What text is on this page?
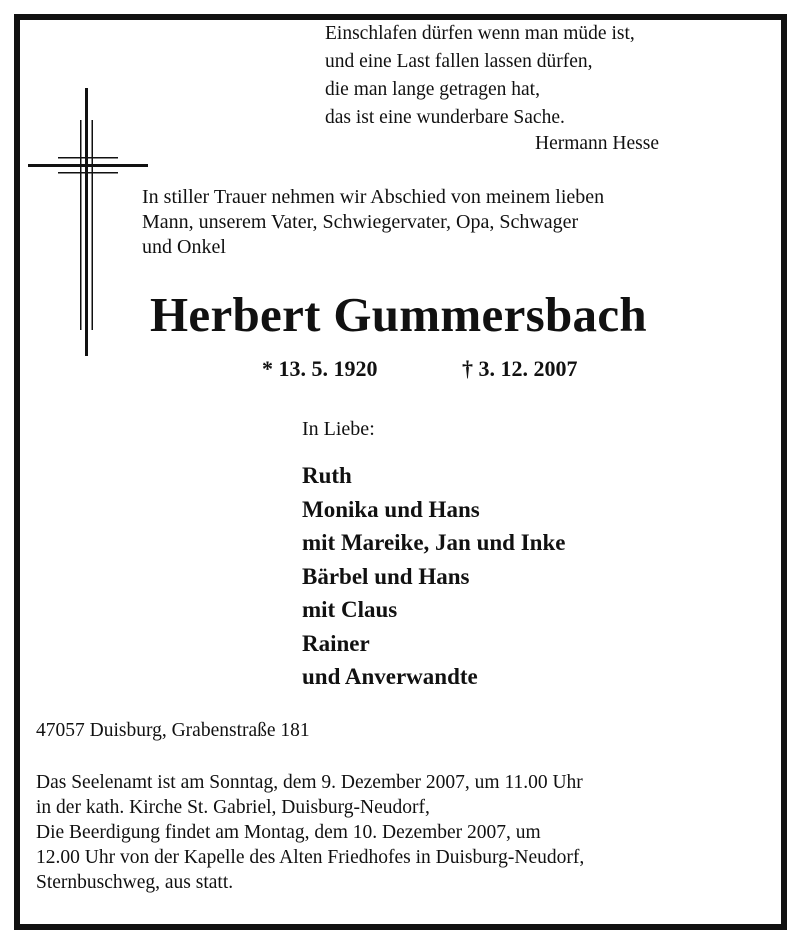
Einschlafen dürfen wenn man müde ist,
und eine Last fallen lassen dürfen,
die man lange getragen hat,
das ist eine wunderbare Sache.
Hermann Hesse
In stiller Trauer nehmen wir Abschied von meinem lieben
Mann, unserem Vater, Schwiegervater, Opa, Schwager
und Onkel
Herbert Gummersbach
* 13. 5. 1920	† 3. 12. 2007
In Liebe:
Ruth
Monika und Hans
mit Mareike, Jan und Inke
Bärbel und Hans
mit Claus
Rainer
und Anverwandte
47057 Duisburg, Grabenstraße 181
Das Seelenamt ist am Sonntag, dem 9. Dezember 2007, um 11.00 Uhr
in der kath. Kirche St. Gabriel, Duisburg-Neudorf,
Die Beerdigung findet am Montag, dem 10. Dezember 2007, um
12.00 Uhr von der Kapelle des Alten Friedhofes in Duisburg-Neudorf,
Sternbuschweg, aus statt.
